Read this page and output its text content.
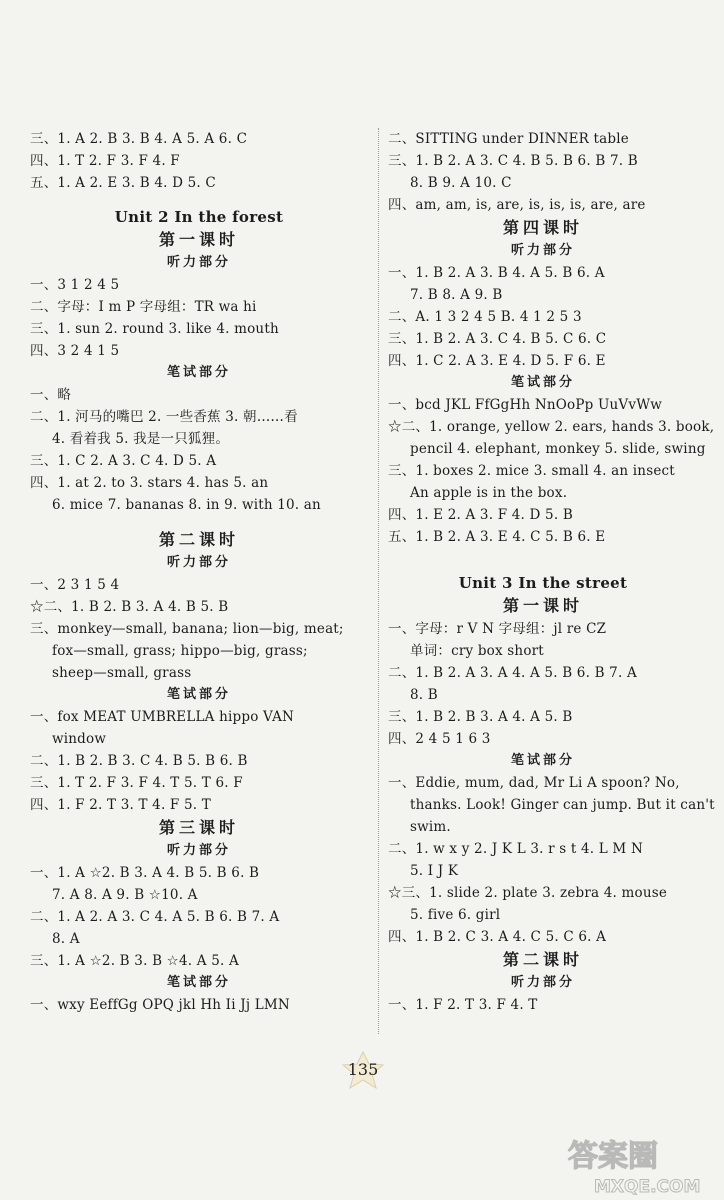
三、1. A 2. B 3. B 4. A 5. A 6. C
四、1. T 2. F 3. F 4. F
五、1. A 2. E 3. B 4. D 5. C
Unit 2 In the forest
第一课时
听力部分
一、3 1 2 4 5
二、字母：I m P 字母组：TR wa hi
三、1. sun 2. round 3. like 4. mouth
四、3 2 4 1 5
笔试部分
一、略
二、1. 河马的嘴巴 2. 一些香蕉 3. 朝……看
4. 看着我 5. 我是一只狐狸。
三、1. C 2. A 3. C 4. D 5. A
四、1. at 2. to 3. stars 4. has 5. an
6. mice 7. bananas 8. in 9. with 10. an
第二课时
听力部分
一、2 3 1 5 4
☆二、1. B 2. B 3. A 4. B 5. B
三、monkey—small, banana; lion—big, meat;
fox—small, grass; hippo—big, grass;
sheep—small, grass
笔试部分
一、fox MEAT UMBRELLA hippo VAN
window
二、1. B 2. B 3. C 4. B 5. B 6. B
三、1. T 2. F 3. F 4. T 5. T 6. F
四、1. F 2. T 3. T 4. F 5. T
第三课时
听力部分
一、1. A ☆2. B 3. A 4. B 5. B 6. B
7. A 8. A 9. B ☆10. A
二、1. A 2. A 3. C 4. A 5. B 6. B 7. A
8. A
三、1. A ☆2. B 3. B ☆4. A 5. A
笔试部分
一、wxy EeffGg OPQ jkl Hh Ii Jj LMN
二、SITTING under DINNER table
三、1. B 2. A 3. C 4. B 5. B 6. B 7. B
8. B 9. A 10. C
四、am, am, is, are, is, is, is, are, are
第四课时
听力部分
一、1. B 2. A 3. B 4. A 5. B 6. A
7. B 8. A 9. B
二、A. 1 3 2 4 5 B. 4 1 2 5 3
三、1. B 2. A 3. C 4. B 5. C 6. C
四、1. C 2. A 3. E 4. D 5. F 6. E
笔试部分
一、bcd JKL FfGgHh NnOoPp UuVvWw
☆二、1. orange, yellow 2. ears, hands 3. book,
pencil 4. elephant, monkey 5. slide, swing
三、1. boxes 2. mice 3. small 4. an insect
An apple is in the box.
四、1. E 2. A 3. F 4. D 5. B
五、1. B 2. A 3. E 4. C 5. B 6. E
Unit 3 In the street
第一课时
一、字母：r V N 字母组：jl re CZ
单词：cry box short
二、1. B 2. A 3. A 4. A 5. B 6. B 7. A
8. B
三、1. B 2. B 3. A 4. A 5. B
四、2 4 5 1 6 3
笔试部分
一、Eddie, mum, dad, Mr Li A spoon? No,
thanks. Look! Ginger can jump. But it can't
swim.
二、1. w x y 2. J K L 3. r s t 4. L M N
5. I J K
☆三、1. slide 2. plate 3. zebra 4. mouse
5. five 6. girl
四、1. B 2. C 3. A 4. C 5. C 6. A
第二课时
听力部分
一、1. F 2. T 3. F 4. T
135
答案圈
MXQE.COM
